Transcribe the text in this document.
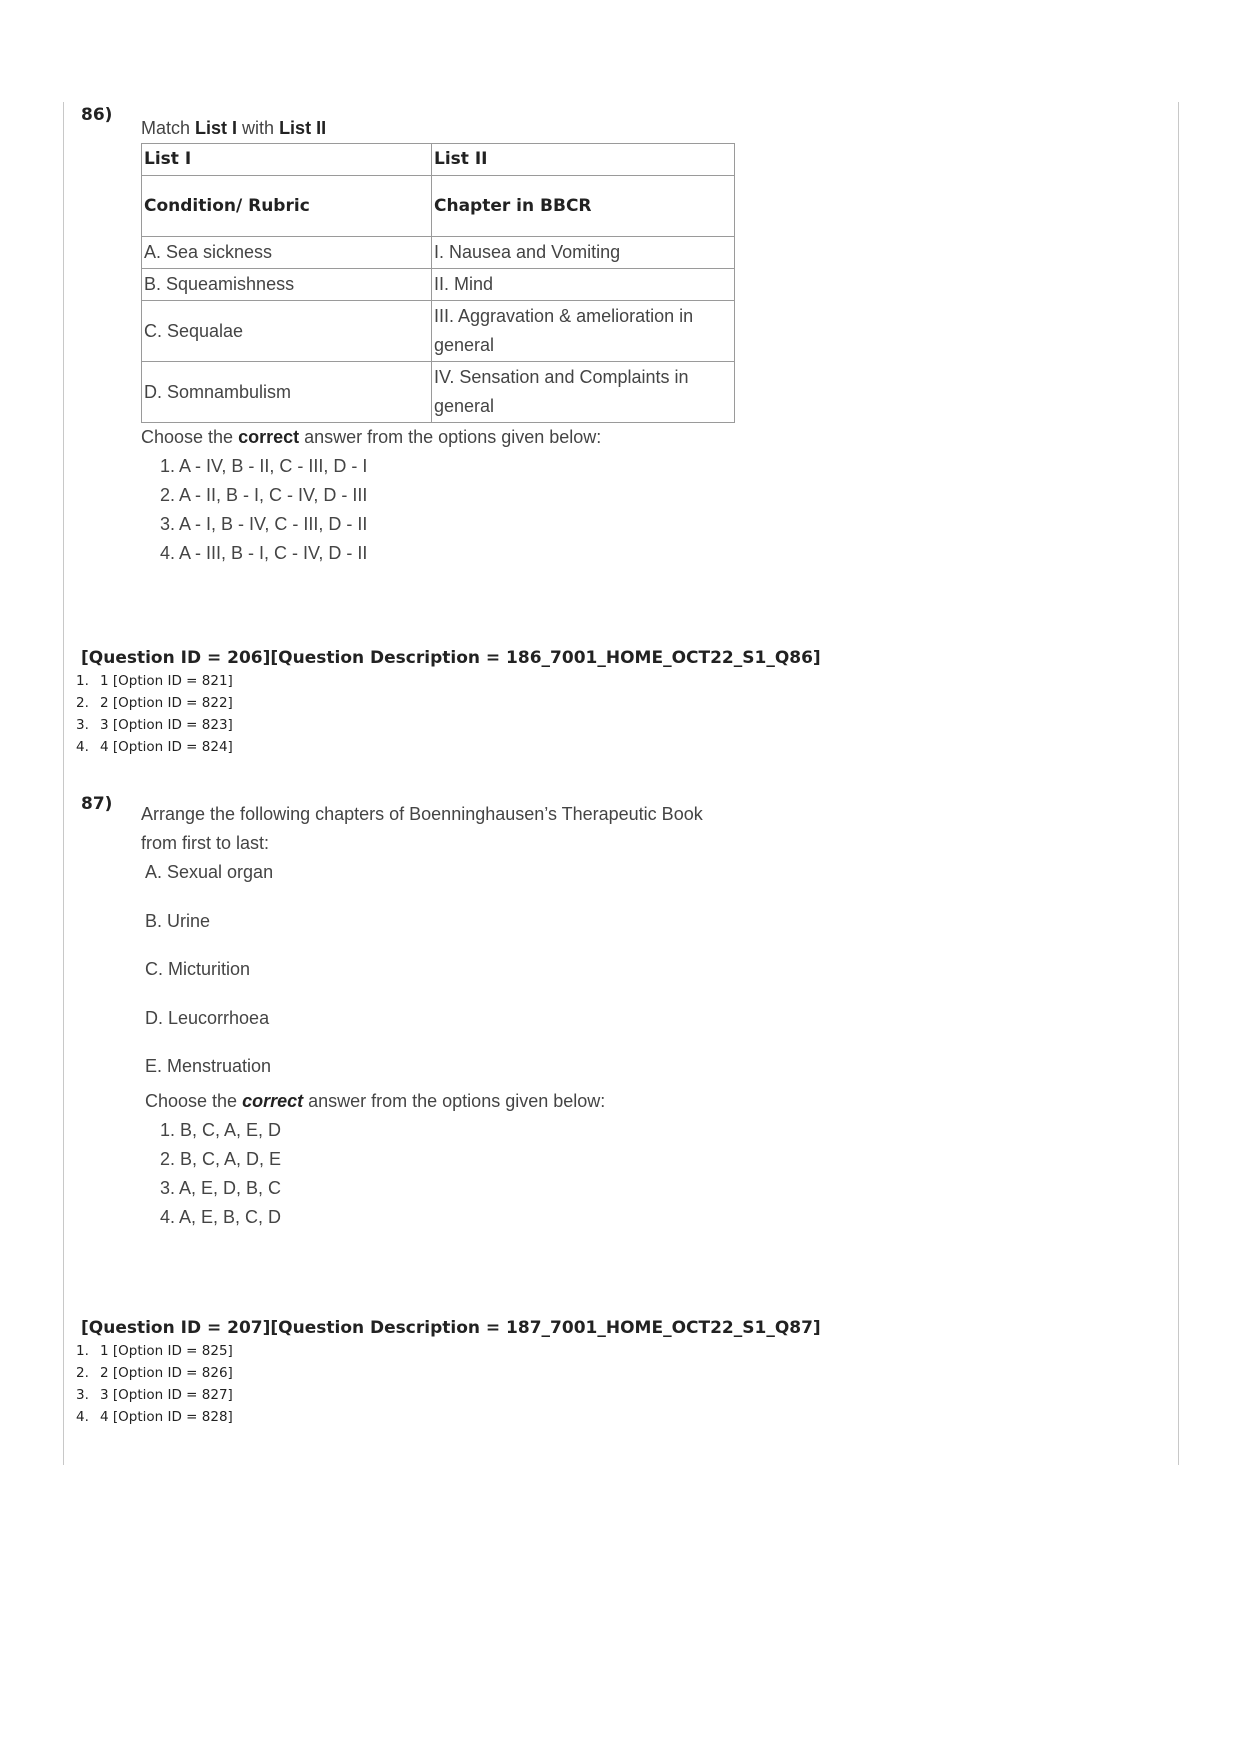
86)

Match List I with List II

List I	List II
Condition/ Rubric	Chapter in BBCR
A. Sea sickness	I. Nausea and Vomiting
B. Squeamishness	II. Mind
C. Sequalae	III. Aggravation & amelioration in general
D. Somnambulism	IV. Sensation and Complaints in general

Choose the correct answer from the options given below:

1. A - IV, B - II, C - III, D - I
2. A - II, B - I, C - IV, D - III
3. A - I, B - IV, C - III, D - II
4. A - III, B - I, C - IV, D - II
[Question ID = 206][Question Description = 186_7001_HOME_OCT22_S1_Q86]
1. 1 [Option ID = 821]
2. 2 [Option ID = 822]
3. 3 [Option ID = 823]
4. 4 [Option ID = 824]
87) Arrange the following chapters of Boenninghausen’s Therapeutic Book
from first to last:

A. Sexual organ
B. Urine
C. Micturition
D. Leucorrhoea
E. Menstruation

Choose the correct answer from the options given below:

1. B, C, A, E, D
2. B, C, A, D, E
3. A, E, D, B, C
4. A, E, B, C, D
[Question ID = 207][Question Description = 187_7001_HOME_OCT22_S1_Q87]
1. 1 [Option ID = 825]
2. 2 [Option ID = 826]
3. 3 [Option ID = 827]
4. 4 [Option ID = 828]
